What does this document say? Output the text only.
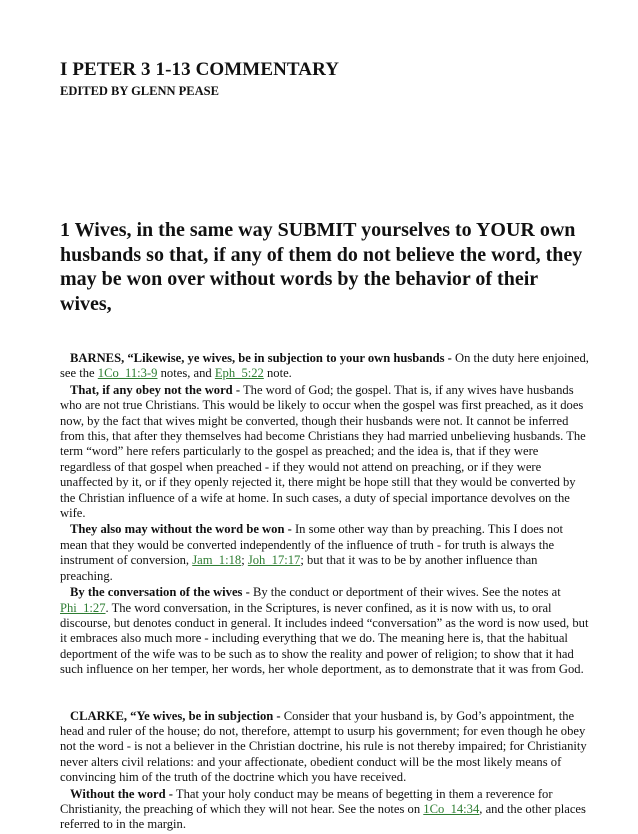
I PETER 3 1-13 COMMENTARY
EDITED BY GLENN PEASE

1 Wives, in the same way SUBMIT yourselves to YOUR own husbands so that, if any of them do not believe the word, they may be won over without words by the behavior of their wives,

BARNES, “Likewise, ye wives, be in subjection to your own husbands - On the duty here enjoined, see the 1Co_11:3-9 notes, and Eph_5:22 note.

That, if any obey not the word - The word of God; the gospel. That is, if any wives have husbands who are not true Christians. This would be likely to occur when the gospel was first preached, as it does now, by the fact that wives might be converted, though their husbands were not. It cannot be inferred from this, that after they themselves had become Christians they had married unbelieving husbands. The term “word” here refers particularly to the gospel as preached; and the idea is, that if they were regardless of that gospel when preached - if they would not attend on preaching, or if they were unaffected by it, or if they openly rejected it, there might be hope still that they would be converted by the Christian influence of a wife at home. In such cases, a duty of special importance devolves on the wife.

They also may without the word be won - In some other way than by preaching. This I does not mean that they would be converted independently of the influence of truth - for truth is always the instrument of conversion, Jam_1:18; Joh_17:17; but that it was to be by another influence than preaching.

By the conversation of the wives - By the conduct or deportment of their wives. See the notes at Phi_1:27. The word conversation, in the Scriptures, is never confined, as it is now with us, to oral discourse, but denotes conduct in general. It includes indeed “conversation” as the word is now used, but it embraces also much more - including everything that we do. The meaning here is, that the habitual deportment of the wife was to be such as to show the reality and power of religion; to show that it had such influence on her temper, her words, her whole deportment, as to demonstrate that it was from God.

CLARKE, “Ye wives, be in subjection - Consider that your husband is, by God’s appointment, the head and ruler of the house; do not, therefore, attempt to usurp his government; for even though he obey not the word - is not a believer in the Christian doctrine, his rule is not thereby impaired; for Christianity never alters civil relations: and your affectionate, obedient conduct will be the most likely means of convincing him of the truth of the doctrine which you have received.

Without the word - That your holy conduct may be means of begetting in them a reverence for Christianity, the preaching of which they will not hear. See the notes on 1Co_14:34, and the other places referred to in the margin.
